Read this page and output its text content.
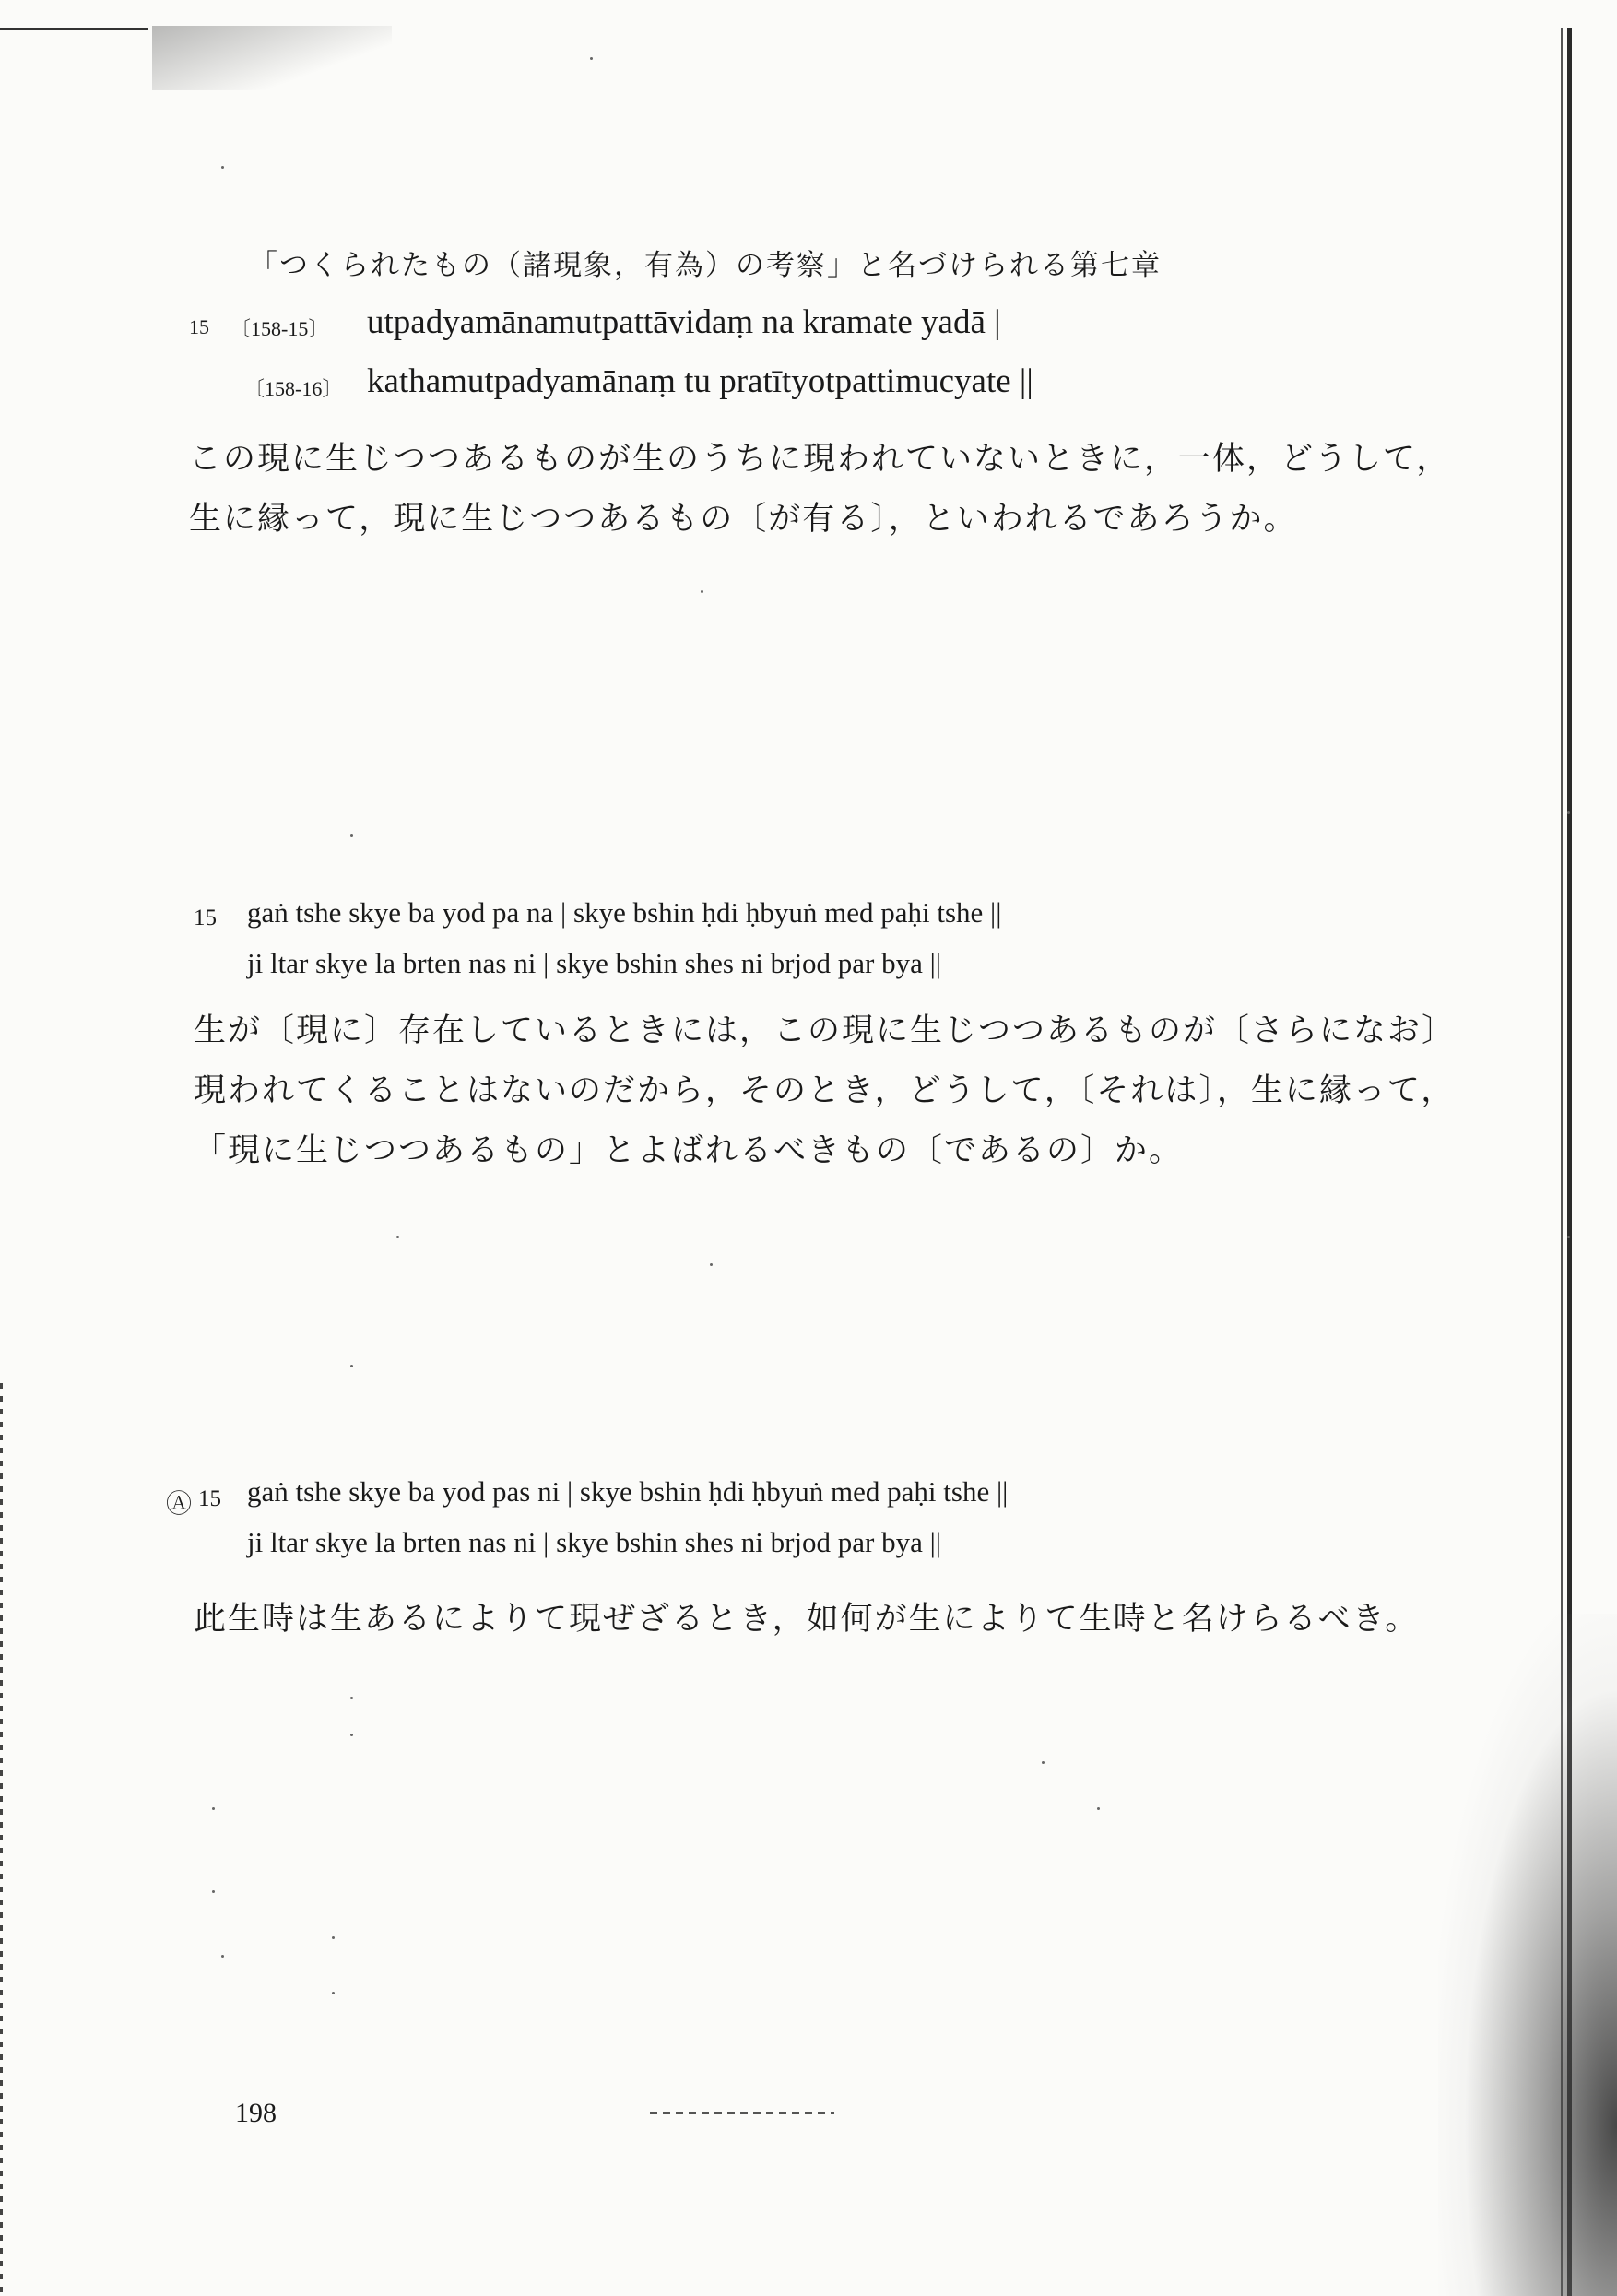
「つくられたもの（諸現象，有為）の考察」と名づけられる第七章
15 〔158-15〕 utpadyamānamutpattāvidaṃ na kramate yadā |
〔158-16〕 kathamutpadyamānaṃ tu pratītyotpattimucyate ||
この現に生じつつあるものが生のうちに現われていないときに，一体，どうして，
生に縁って，現に生じつつあるもの〔が有る〕，といわれるであろうか。
15 gaṅ tshe skye ba yod pa na | skye bshin ḥdi ḥbyuṅ med paḥi tshe ||
ji ltar skye la brten nas ni | skye bshin shes ni brjod par bya ||
生が〔現に〕存在しているときには，この現に生じつつあるものが〔さらになお〕
現われてくることはないのだから，そのとき，どうして，〔それは〕，生に縁って，
「現に生じつつあるもの」とよばれるべきもの〔であるの〕か。
Ⓐ 15 gaṅ tshe skye ba yod pas ni | skye bshin ḥdi ḥbyuṅ med paḥi tshe ||
ji ltar skye la brten nas ni | skye bshin shes ni brjod par bya ||
此生時は生あるによりて現ぜざるとき，如何が生によりて生時と名けらるべき。
198
